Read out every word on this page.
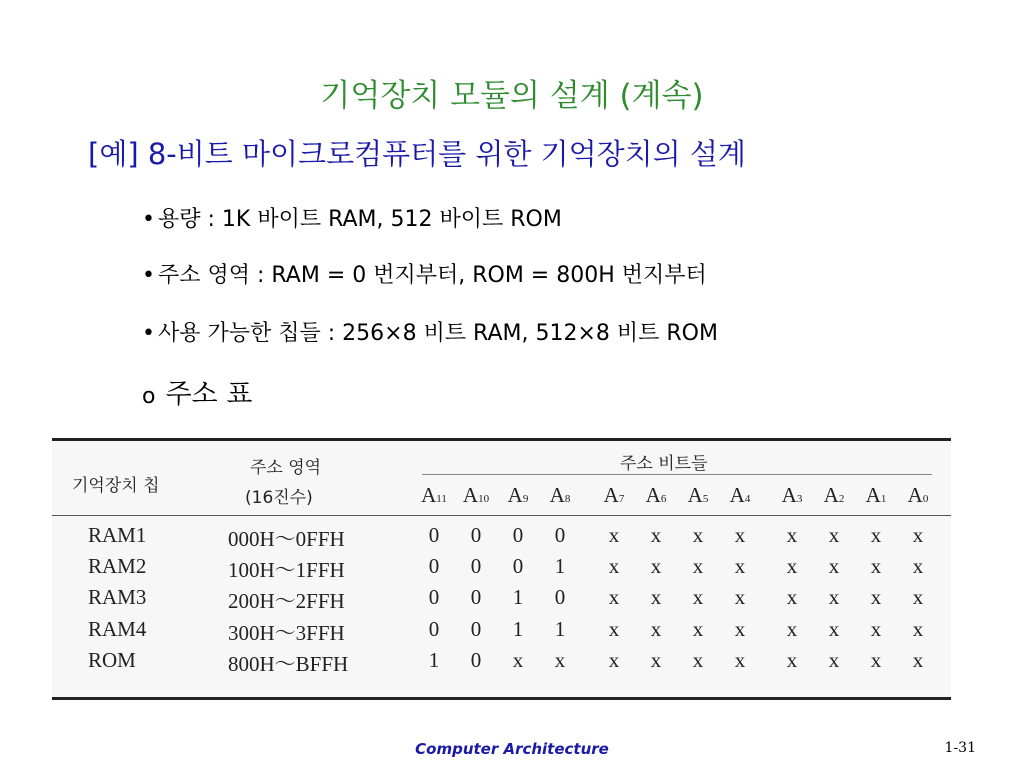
기억장치 모듈의 설계 (계속)
[예] 8-비트 마이크로컴퓨터를 위한 기억장치의 설계
• 용량 : 1K 바이트 RAM, 512 바이트 ROM
• 주소 영역 : RAM = 0 번지부터, ROM = 800H 번지부터
• 사용 가능한 칩들 : 256×8 비트 RAM, 512×8 비트 ROM
o 주소 표
기억장치 칩
주소 영역
(16진수)
주소 비트들
A11 A10 A9 A8 A7 A6 A5 A4 A3 A2 A1 A0
RAM1	000H～0FFH	0	0	0	0	x	x	x	x	x	x	x	x
RAM2	100H～1FFH	0	0	0	1	x	x	x	x	x	x	x	x
RAM3	200H～2FFH	0	0	1	0	x	x	x	x	x	x	x	x
RAM4	300H～3FFH	0	0	1	1	x	x	x	x	x	x	x	x
ROM	800H～BFFH	1	0	x	x	x	x	x	x	x	x	x	x
Computer Architecture	1-31
